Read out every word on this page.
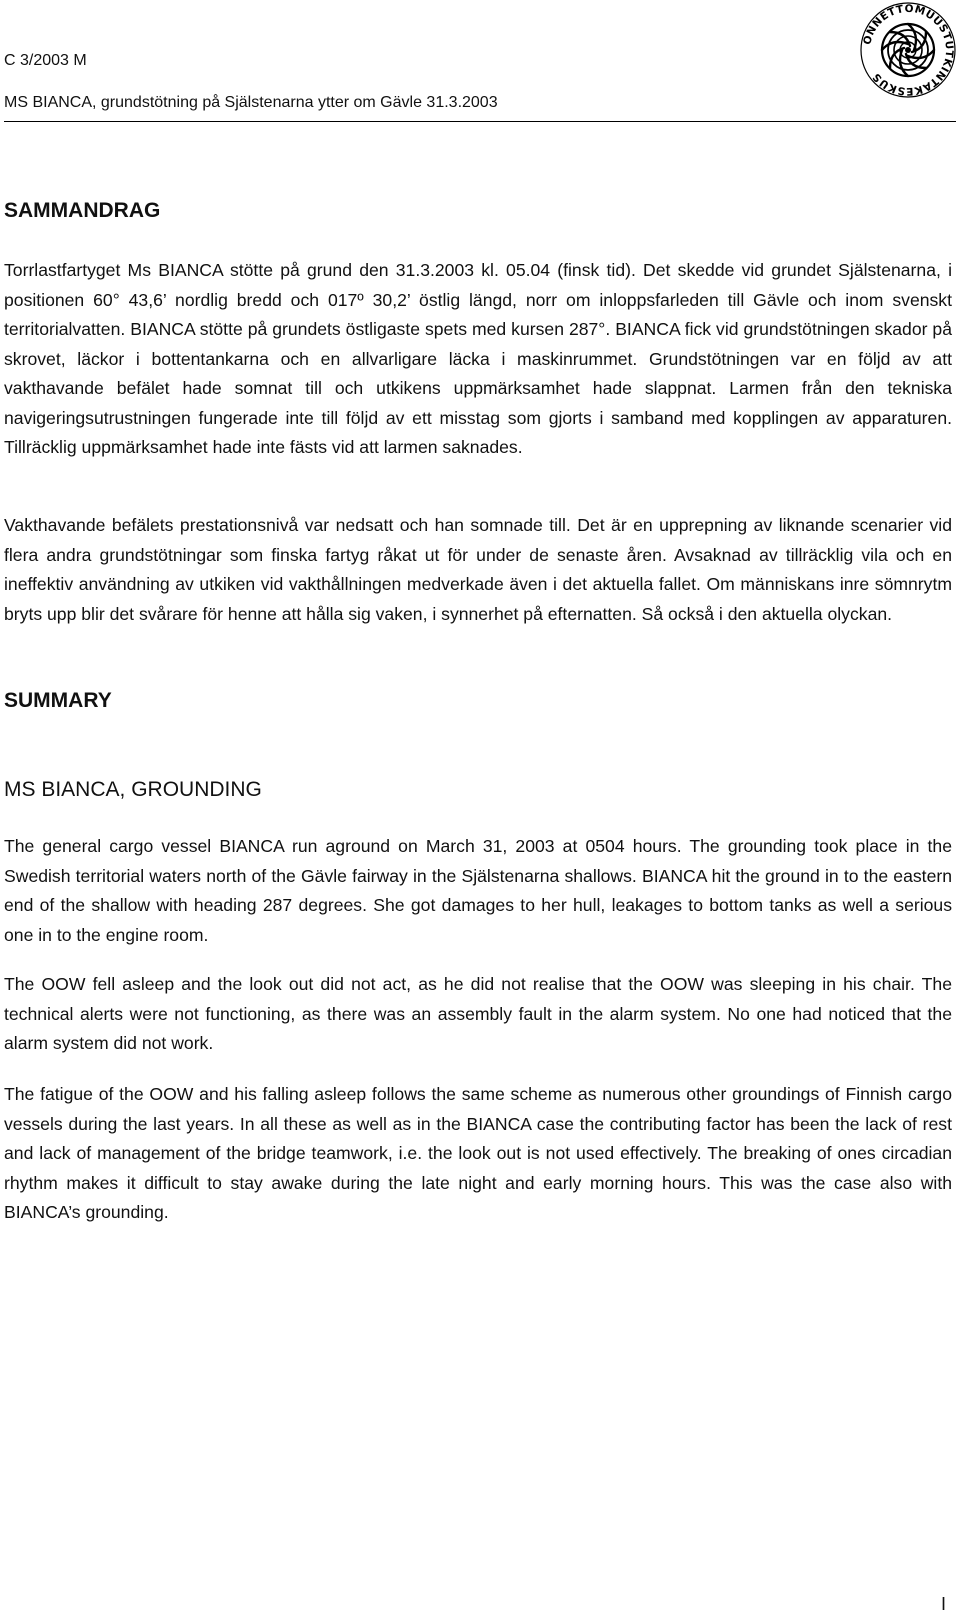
C 3/2003 M
MS BIANCA, grundstötning på Själstenarna ytter om Gävle 31.3.2003
ONNETTOMUUSTUTKINTAKESKUS
SAMMANDRAG

Torrlastfartyget Ms BIANCA stötte på grund den 31.3.2003 kl. 05.04 (finsk tid). Det skedde vid grundet Själstenarna, i positionen 60° 43,6’ nordlig bredd och 017º 30,2’ östlig längd, norr om inloppsfarleden till Gävle och inom svenskt territorialvatten. BIANCA stötte på grundets östligaste spets med kursen 287°. BIANCA fick vid grundstötningen skador på skrovet, läckor i bottentankarna och en allvarligare läcka i maskinrummet. Grundstötningen var en följd av att vakthavande befälet hade somnat till och utkikens uppmärksamhet hade slappnat. Larmen från den tekniska navigeringsutrustningen fungerade inte till följd av ett misstag som gjorts i samband med kopplingen av apparaturen. Tillräcklig uppmärksamhet hade inte fästs vid att larmen saknades.

Vakthavande befälets prestationsnivå var nedsatt och han somnade till. Det är en upprepning av liknande scenarier vid flera andra grundstötningar som finska fartyg råkat ut för under de senaste åren. Avsaknad av tillräcklig vila och en ineffektiv användning av utkiken vid vakthållningen medverkade även i det aktuella fallet. Om människans inre sömnrytm bryts upp blir det svårare för henne att hålla sig vaken, i synnerhet på efternatten. Så också i den aktuella olyckan.

SUMMARY
MS BIANCA, GROUNDING

The general cargo vessel BIANCA run aground on March 31, 2003 at 0504 hours. The grounding took place in the Swedish territorial waters north of the Gävle fairway in the Själstenarna shallows. BIANCA hit the ground in to the eastern end of the shallow with heading 287 degrees. She got damages to her hull, leakages to bottom tanks as well a serious one in to the engine room.

The OOW fell asleep and the look out did not act, as he did not realise that the OOW was sleeping in his chair. The technical alerts were not functioning, as there was an assembly fault in the alarm system. No one had noticed that the alarm system did not work.

The fatigue of the OOW and his falling asleep follows the same scheme as numerous other groundings of Finnish cargo vessels during the last years. In all these as well as in the BIANCA case the contributing factor has been the lack of rest and lack of management of the bridge teamwork, i.e. the look out is not used effectively. The breaking of ones circadian rhythm makes it difficult to stay awake during the late night and early morning hours. This was the case also with BIANCA’s grounding.

I
